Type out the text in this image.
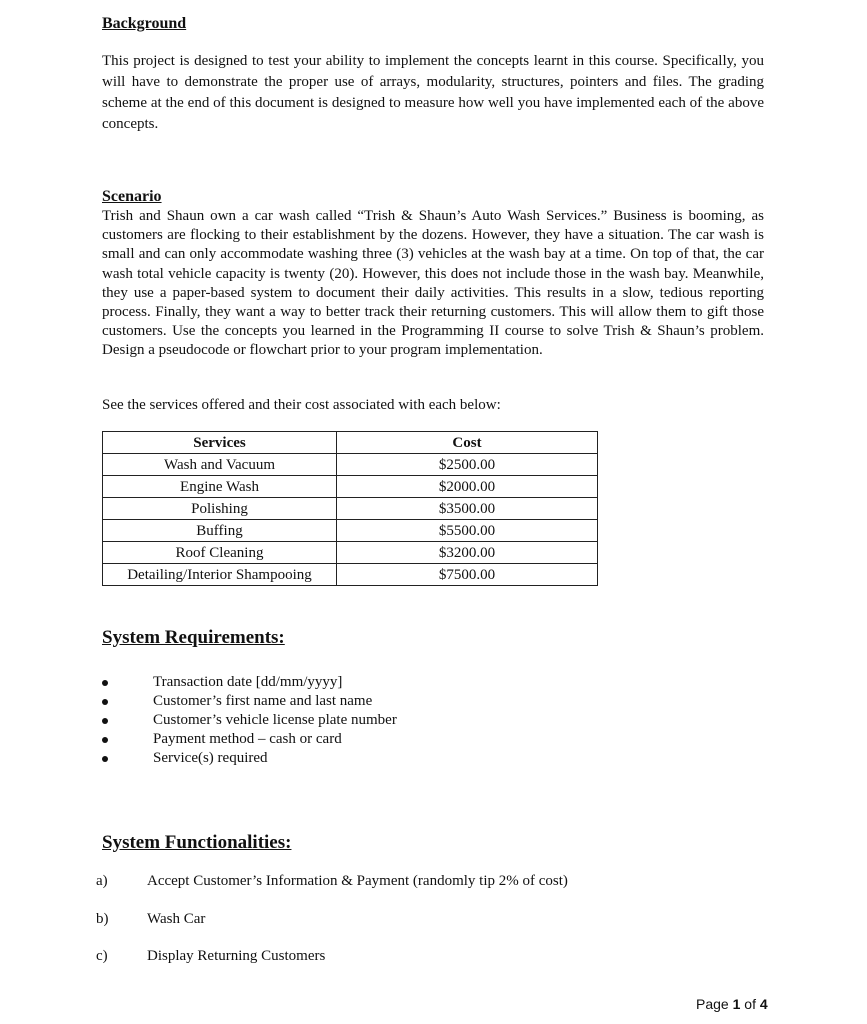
Background

This project is designed to test your ability to implement the concepts learnt in this course. Specifically, you will have to demonstrate the proper use of arrays, modularity, structures, pointers and files. The grading scheme at the end of this document is designed to measure how well you have implemented each of the above concepts.

Scenario

Trish and Shaun own a car wash called “Trish & Shaun’s Auto Wash Services.” Business is booming, as customers are flocking to their establishment by the dozens. However, they have a situation. The car wash is small and can only accommodate washing three (3) vehicles at the wash bay at a time. On top of that, the car wash total vehicle capacity is twenty (20). However, this does not include those in the wash bay. Meanwhile, they use a paper-based system to document their daily activities. This results in a slow, tedious reporting process. Finally, they want a way to better track their returning customers. This will allow them to gift those customers. Use the concepts you learned in the Programming II course to solve Trish & Shaun’s problem. Design a pseudocode or flowchart prior to your program implementation.

See the services offered and their cost associated with each below:

Services	Cost
Wash and Vacuum	$2500.00
Engine Wash	$2000.00
Polishing	$3500.00
Buffing	$5500.00
Roof Cleaning	$3200.00
Detailing/Interior Shampooing	$7500.00
System Requirements:
Transaction date [dd/mm/yyyy]
Customer’s first name and last name
Customer’s vehicle license plate number
Payment method – cash or card
Service(s) required
System Functionalities:
a)	Accept Customer’s Information & Payment (randomly tip 2% of cost)
b)	Wash Car
c)	Display Returning Customers

Page 1 of 4
